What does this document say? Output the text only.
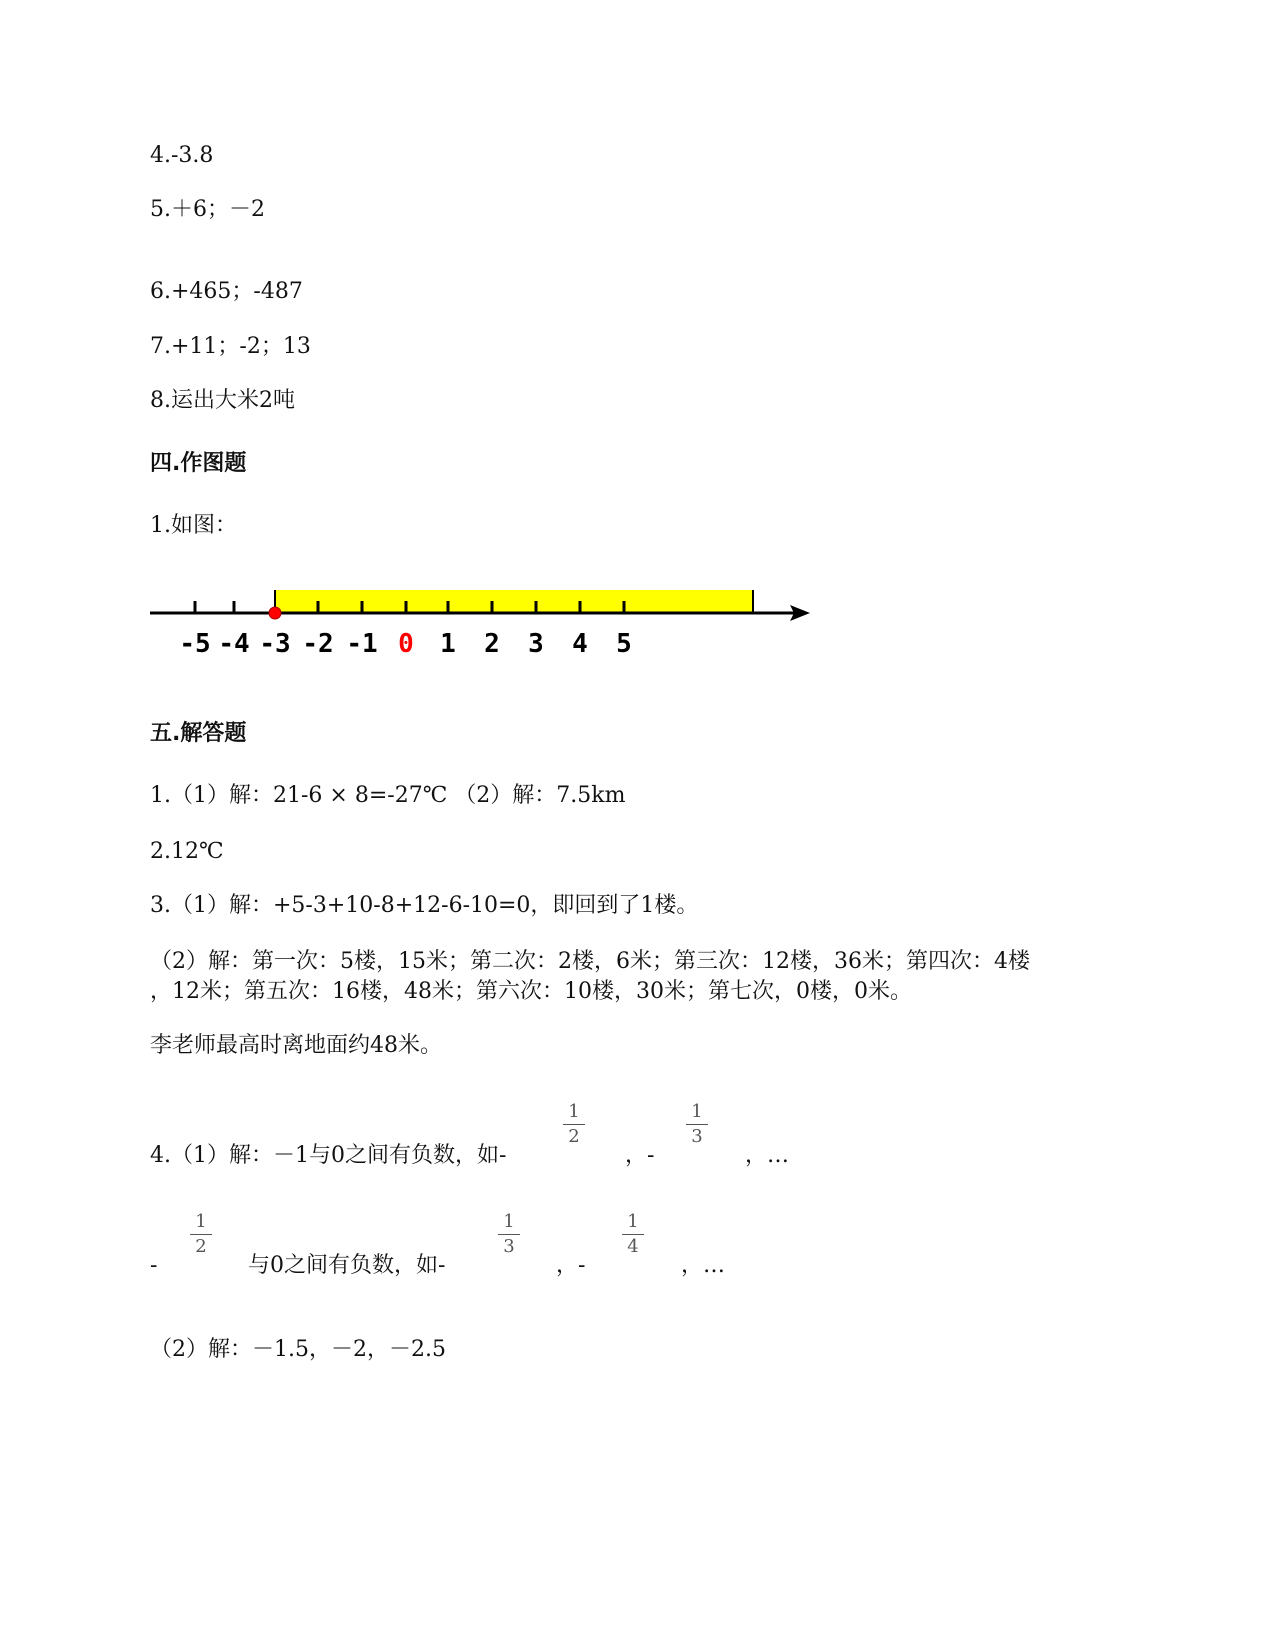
4.-3.8
5.＋6；－2
6.+465；-487
7.+11；-2；13
8.运出大米2吨
四.作图题
1.如图：
-5 -4 -3 -2 -1 0 1 2 3 4 5
五.解答题
1.（1）解：21-6 × 8=-27℃ （2）解：7.5km
2.12℃
3.（1）解：+5-3+10-8+12-6-10=0，即回到了1楼。
（2）解：第一次：5楼，15米；第二次：2楼，6米；第三次：12楼，36米；第四次：4楼
，12米；第五次：16楼，48米；第六次：10楼，30米；第七次，0楼，0米。
李老师最高时离地面约48米。
4.（1）解：－1与0之间有负数，如-
1
2
，-
1
3
，…
-
1
2
与0之间有负数，如-
1
3
，-
1
4
，…
（2）解：－1.5，－2，－2.5
